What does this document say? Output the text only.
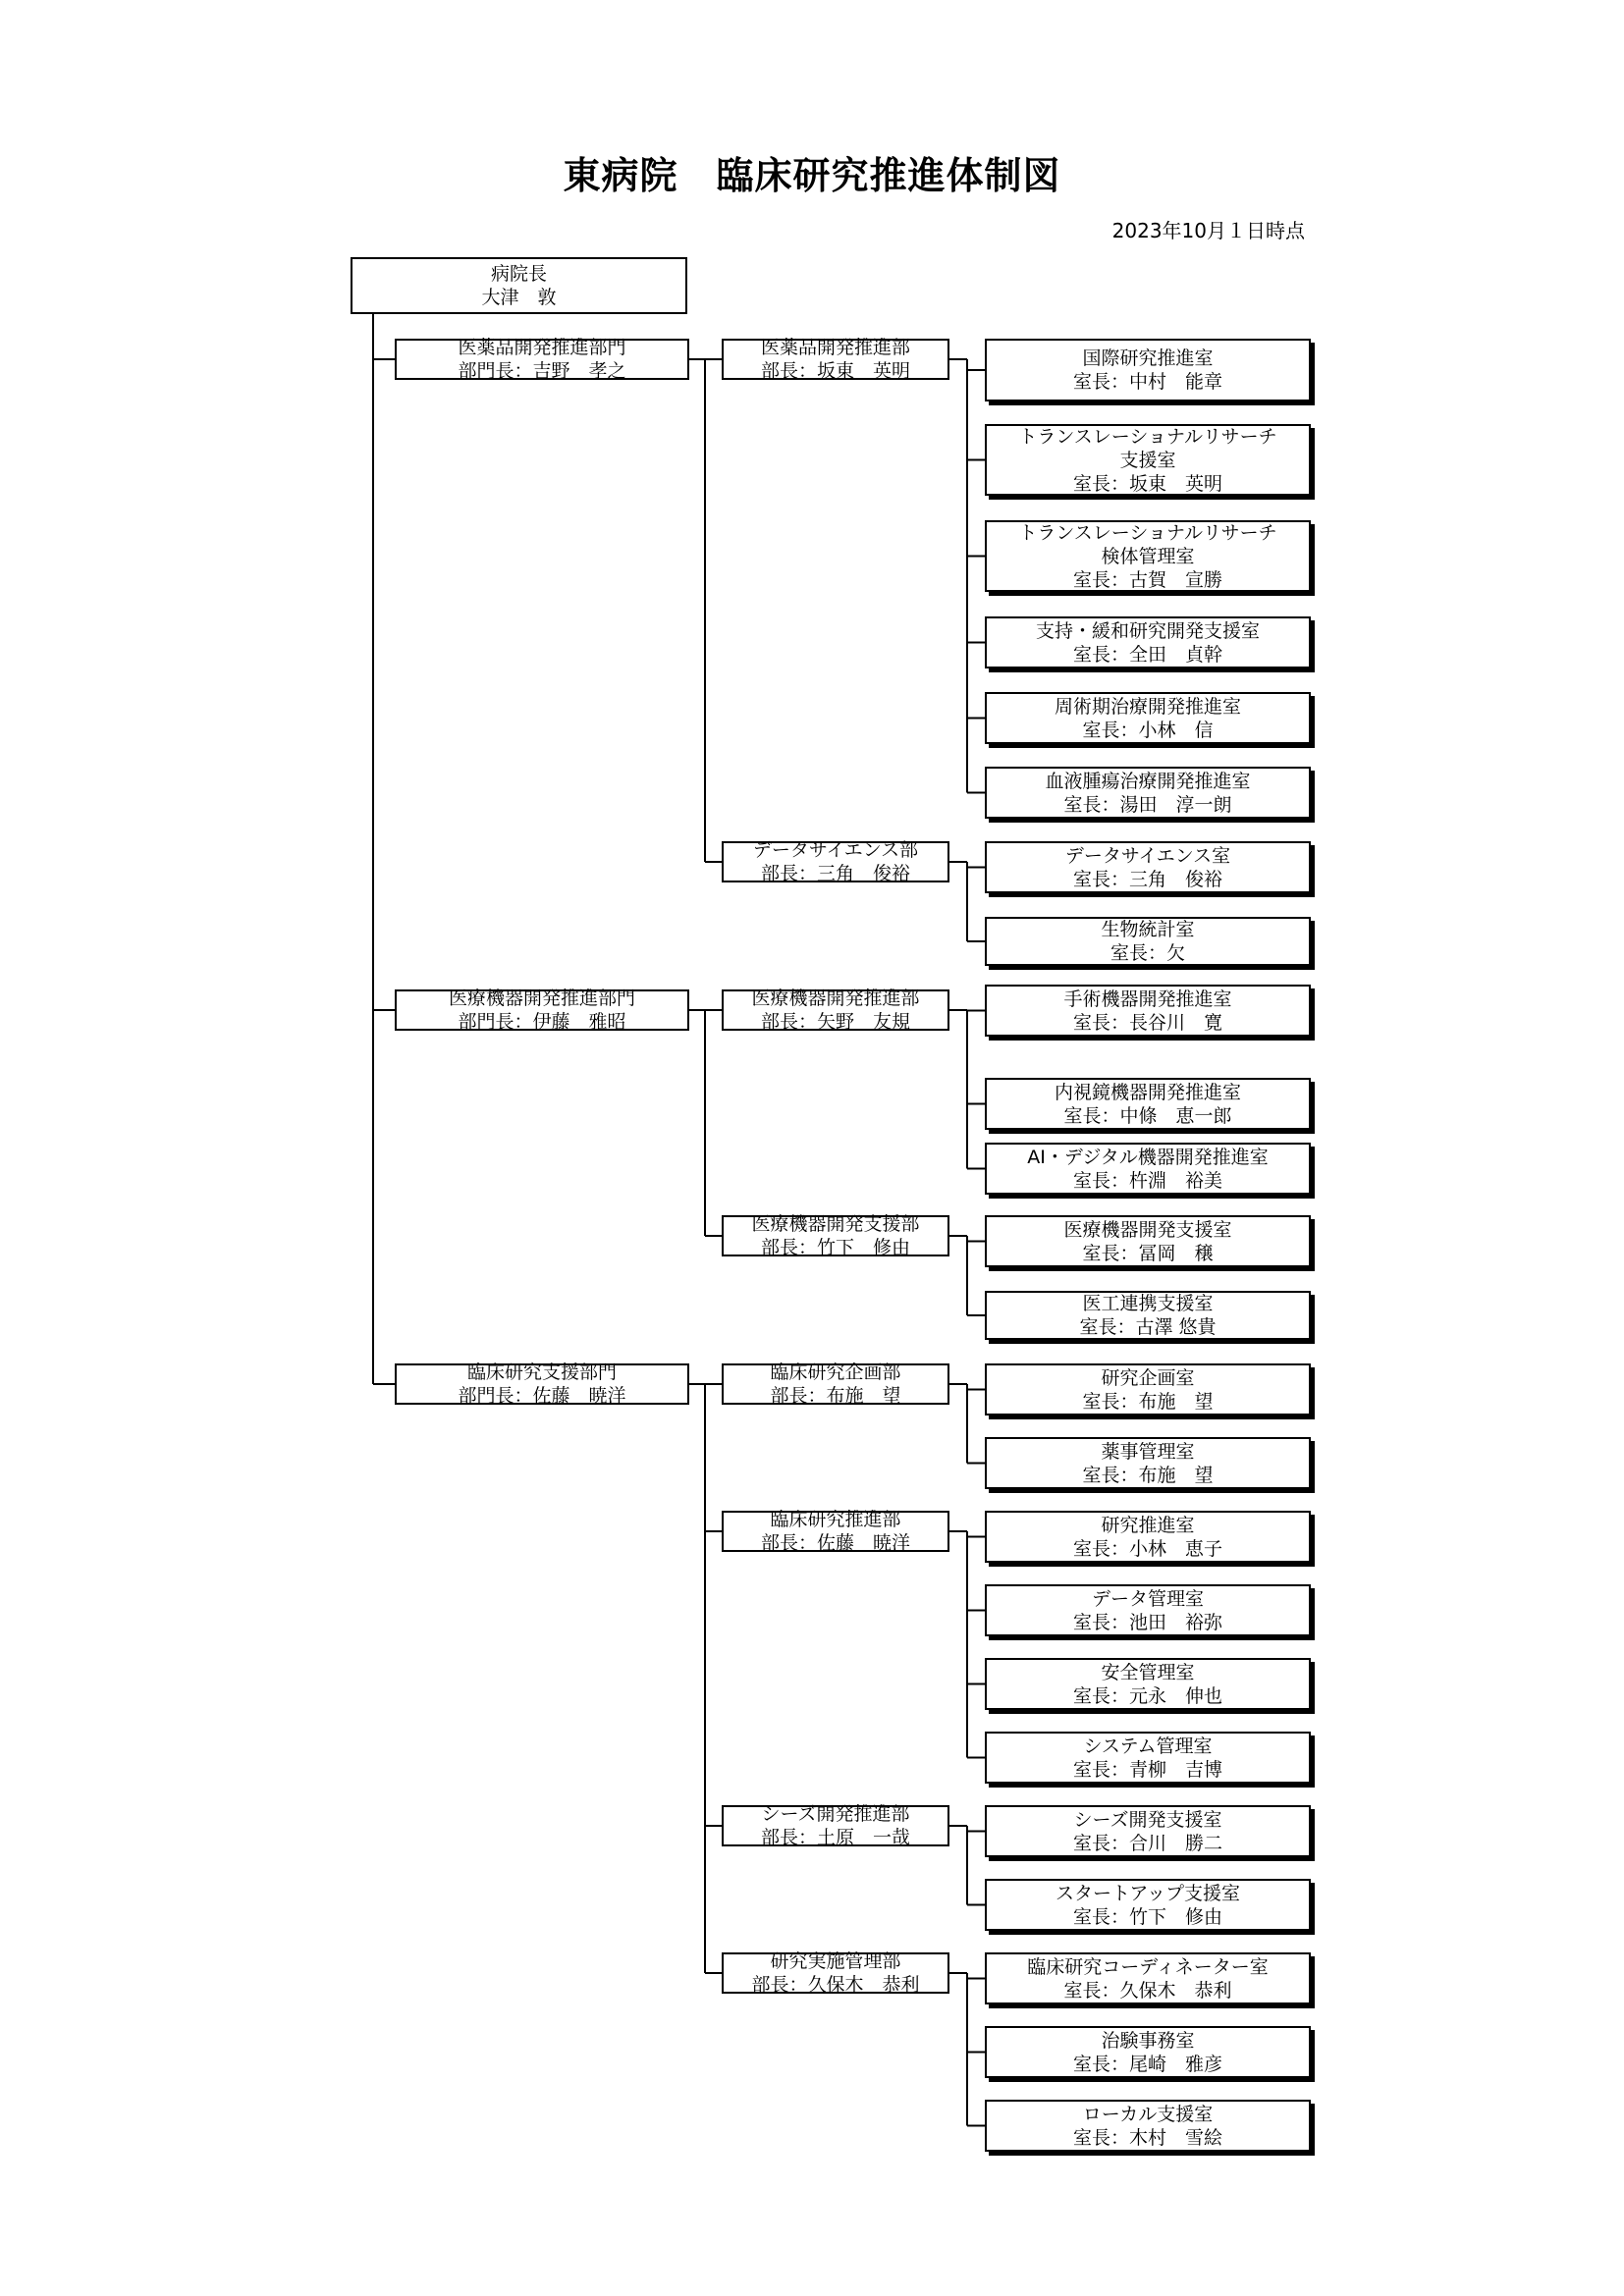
東病院　臨床研究推進体制図
2023年10月１日時点
病院長
大津　敦
医薬品開発推進部門
部門長：吉野　孝之
医薬品開発推進部
部長：坂東　英明
国際研究推進室
室長：中村　能章
トランスレーショナルリサーチ
支援室
室長：坂東　英明
トランスレーショナルリサーチ
検体管理室
室長：古賀　宣勝
支持・緩和研究開発支援室
室長：全田　貞幹
周術期治療開発推進室
室長：小林　信
血液腫瘍治療開発推進室
室長：湯田　淳一朗
データサイエンス部
部長：三角　俊裕
データサイエンス室
室長：三角　俊裕
生物統計室
室長：欠
医療機器開発推進部門
部門長：伊藤　雅昭
医療機器開発推進部
部長：矢野　友規
手術機器開発推進室
室長：長谷川　寛
内視鏡機器開発推進室
室長：中條　恵一郎
AI・デジタル機器開発推進室
室長：杵淵　裕美
医療機器開発支援部
部長：竹下　修由
医療機器開発支援室
室長：冨岡　穣
医工連携支援室
室長：古澤 悠貴
臨床研究支援部門
部門長：佐藤　暁洋
臨床研究企画部
部長：布施　望
研究企画室
室長：布施　望
薬事管理室
室長：布施　望
臨床研究推進部
部長：佐藤　暁洋
研究推進室
室長：小林　恵子
データ管理室
室長：池田　裕弥
安全管理室
室長：元永　伸也
システム管理室
室長：青柳　吉博
シーズ開発推進部
部長：土原　一哉
シーズ開発支援室
室長：合川　勝二
スタートアップ支援室
室長：竹下　修由
研究実施管理部
部長：久保木　恭利
臨床研究コーディネーター室
室長：久保木　恭利
治験事務室
室長：尾崎　雅彦
ローカル支援室
室長：木村　雪絵
